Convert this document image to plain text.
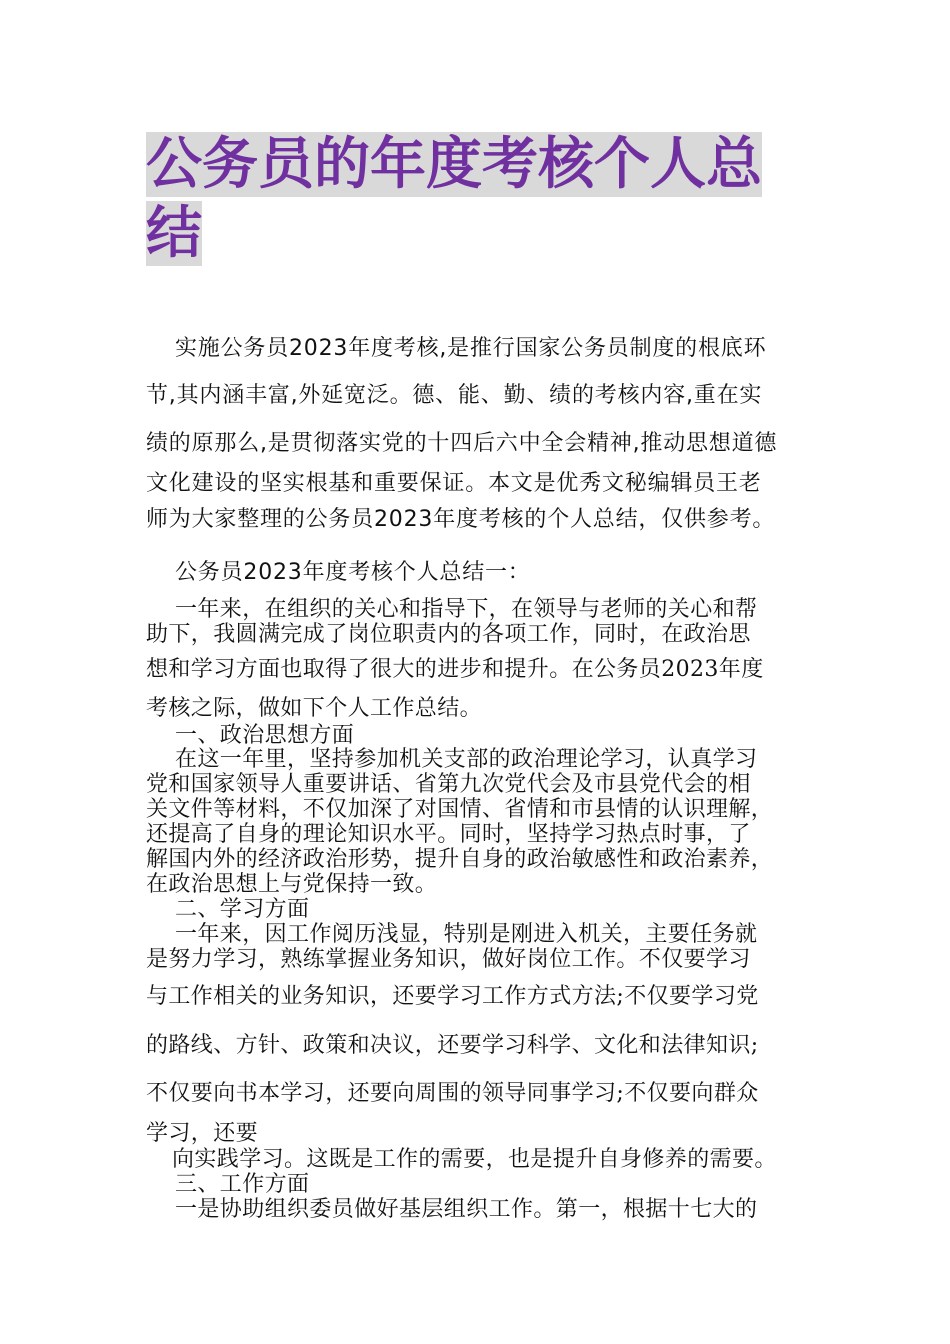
公务员的年度考核个人总
结

实施公务员2023年度考核,是推行国家公务员制度的根底环

节,其内涵丰富,外延宽泛。德、能、勤、绩的考核内容,重在实

绩的原那么,是贯彻落实党的十四后六中全会精神,推动思想道德

文化建设的坚实根基和重要保证。本文是优秀文秘编辑员王老

师为大家整理的公务员2023年度考核的个人总结，仅供参考。

公务员2023年度考核个人总结一：

一年来，在组织的关心和指导下，在领导与老师的关心和帮

助下，我圆满完成了岗位职责内的各项工作，同时，在政治思

想和学习方面也取得了很大的进步和提升。在公务员2023年度

考核之际，做如下个人工作总结。

一、政治思想方面

在这一年里，坚持参加机关支部的政治理论学习，认真学习

党和国家领导人重要讲话、省第九次党代会及市县党代会的相

关文件等材料，不仅加深了对国情、省情和市县情的认识理解，

还提高了自身的理论知识水平。同时，坚持学习热点时事，了

解国内外的经济政治形势，提升自身的政治敏感性和政治素养，

在政治思想上与党保持一致。

二、学习方面

一年来，因工作阅历浅显，特别是刚进入机关，主要任务就

是努力学习，熟练掌握业务知识，做好岗位工作。不仅要学习

与工作相关的业务知识，还要学习工作方式方法;不仅要学习党

的路线、方针、政策和决议，还要学习科学、文化和法律知识;

不仅要向书本学习，还要向周围的领导同事学习;不仅要向群众

学习，还要

向实践学习。这既是工作的需要，也是提升自身修养的需要。

三、工作方面

一是协助组织委员做好基层组织工作。第一，根据十七大的
